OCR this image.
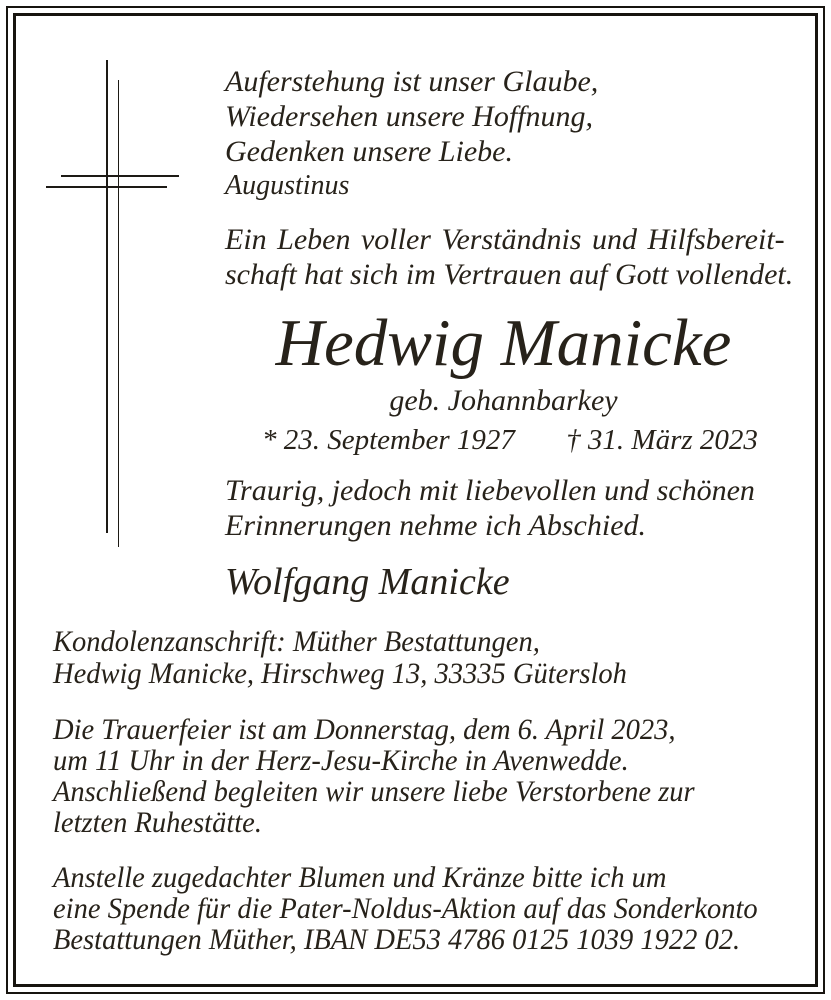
Auferstehung ist unser Glaube,
Wiedersehen unsere Hoffnung,
Gedenken unsere Liebe.
Augustinus
Ein Leben voller Verständnis und Hilfsbereit-
schaft hat sich im Vertrauen auf Gott vollendet.
Hedwig Manicke
geb. Johannbarkey
* 23. September 1927 † 31. März 2023
Traurig, jedoch mit liebevollen und schönen
Erinnerungen nehme ich Abschied.
Wolfgang Manicke
Kondolenzanschrift: Müther Bestattungen,
Hedwig Manicke, Hirschweg 13, 33335 Gütersloh
Die Trauerfeier ist am Donnerstag, dem 6. April 2023,
um 11 Uhr in der Herz-Jesu-Kirche in Avenwedde.
Anschließend begleiten wir unsere liebe Verstorbene zur
letzten Ruhestätte.
Anstelle zugedachter Blumen und Kränze bitte ich um
eine Spende für die Pater-Noldus-Aktion auf das Sonderkonto
Bestattungen Müther, IBAN DE53 4786 0125 1039 1922 02.
